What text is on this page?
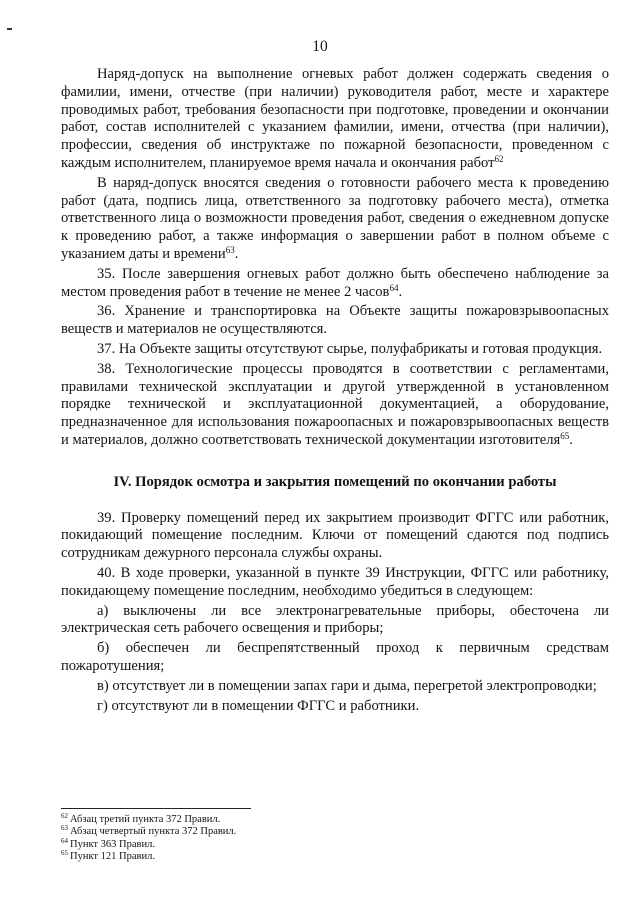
10

Наряд-допуск на выполнение огневых работ должен содержать сведения о фамилии, имени, отчестве (при наличии) руководителя работ, месте и характере проводимых работ, требования безопасности при подготовке, проведении и окончании работ, состав исполнителей с указанием фамилии, имени, отчества (при наличии), профессии, сведения об инструктаже по пожарной безопасности, проведенном с каждым исполнителем, планируемое время начала и окончания работ$^{62}$

В наряд-допуск вносятся сведения о готовности рабочего места к проведению работ (дата, подпись лица, ответственного за подготовку рабочего места), отметка ответственного лица о возможности проведения работ, сведения о ежедневном допуске к проведению работ, а также информация о завершении работ в полном объеме с указанием даты и времени$^{63}$.

35. После завершения огневых работ должно быть обеспечено наблюдение за местом проведения работ в течение не менее 2 часов$^{64}$.

36. Хранение и транспортировка на Объекте защиты пожаровзрывоопасных веществ и материалов не осуществляются.

37. На Объекте защиты отсутствуют сырье, полуфабрикаты и готовая продукция.

38. Технологические процессы проводятся в соответствии с регламентами, правилами технической эксплуатации и другой утвержденной в установленном порядке технической и эксплуатационной документацией, а оборудование, предназначенное для использования пожароопасных и пожаровзрывоопасных веществ и материалов, должно соответствовать технической документации изготовителя$^{65}$.

IV. Порядок осмотра и закрытия помещений по окончании работы

39. Проверку помещений перед их закрытием производит ФГГС или работник, покидающий помещение последним. Ключи от помещений сдаются под подпись сотрудникам дежурного персонала службы охраны.

40. В ходе проверки, указанной в пункте 39 Инструкции, ФГГС или работнику, покидающему помещение последним, необходимо убедиться в следующем:

а) выключены ли все электронагревательные приборы, обесточена ли электрическая сеть рабочего освещения и приборы;

б) обеспечен ли беспрепятственный проход к первичным средствам пожаротушения;

в) отсутствует ли в помещении запах гари и дыма, перегретой электропроводки;

г) отсутствуют ли в помещении ФГГС и работники.

$^{62}$ Абзац третий пункта 372 Правил.
$^{63}$ Абзац четвертый пункта 372 Правил.
$^{64}$ Пункт 363 Правил.
$^{65}$ Пункт 121 Правил.
